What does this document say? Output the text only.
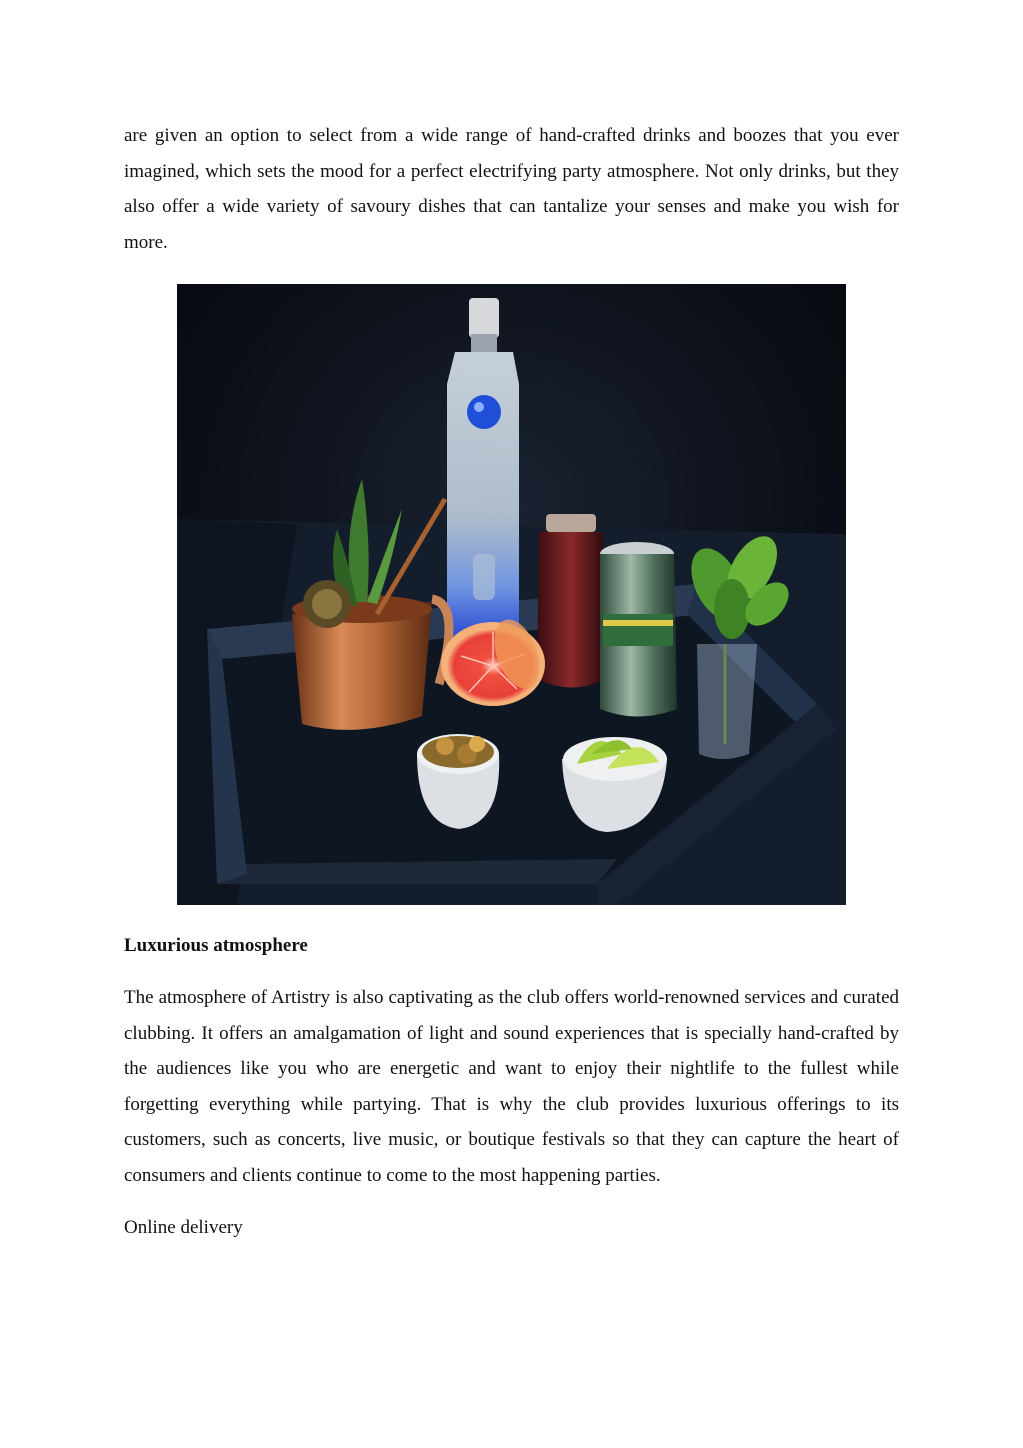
are given an option to select from a wide range of hand-crafted drinks and boozes that you ever imagined, which sets the mood for a perfect electrifying party atmosphere. Not only drinks, but they also offer a wide variety of savoury dishes that can tantalize your senses and make you wish for more.

Luxurious atmosphere

The atmosphere of Artistry is also captivating as the club offers world-renowned services and curated clubbing. It offers an amalgamation of light and sound experiences that is specially hand-crafted by the audiences like you who are energetic and want to enjoy their nightlife to the fullest while forgetting everything while partying. That is why the club provides luxurious offerings to its customers, such as concerts, live music, or boutique festivals so that they can capture the heart of consumers and clients continue to come to the most happening parties.

Online delivery
